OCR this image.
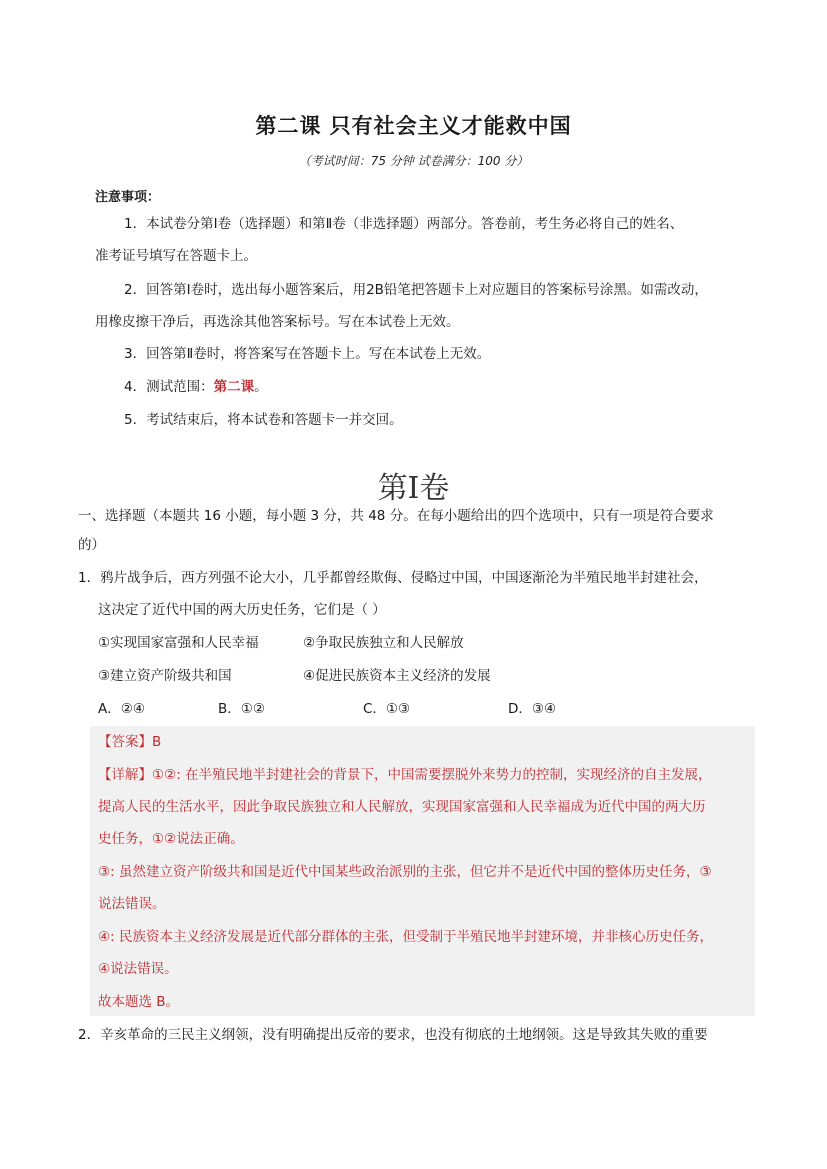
第二课 只有社会主义才能救中国
（考试时间：75 分钟 试卷满分：100 分）
注意事项：
1．本试卷分第Ⅰ卷（选择题）和第Ⅱ卷（非选择题）两部分。答卷前，考生务必将自己的姓名、
准考证号填写在答题卡上。
2．回答第Ⅰ卷时，选出每小题答案后，用2B铅笔把答题卡上对应题目的答案标号涂黑。如需改动，
用橡皮擦干净后，再选涂其他答案标号。写在本试卷上无效。
3．回答第Ⅱ卷时，将答案写在答题卡上。写在本试卷上无效。
4．测试范围：第二课。
5．考试结束后，将本试卷和答题卡一并交回。
第Ⅰ卷
一、选择题（本题共 16 小题，每小题 3 分，共 48 分。在每小题给出的四个选项中，只有一项是符合要求
的）
1．鸦片战争后，西方列强不论大小，几乎都曾经欺侮、侵略过中国，中国逐渐沦为半殖民地半封建社会，
这决定了近代中国的两大历史任务，它们是（ ）
①实现国家富强和人民幸福	②争取民族独立和人民解放
③建立资产阶级共和国	④促进民族资本主义经济的发展
A．②④	B．①②	C．①③	D．③④
【答案】B
【详解】①②: 在半殖民地半封建社会的背景下，中国需要摆脱外来势力的控制，实现经济的自主发展，
提高人民的生活水平，因此争取民族独立和人民解放，实现国家富强和人民幸福成为近代中国的两大历
史任务，①②说法正确。
③: 虽然建立资产阶级共和国是近代中国某些政治派别的主张，但它并不是近代中国的整体历史任务，③
说法错误。
④: 民族资本主义经济发展是近代部分群体的主张，但受制于半殖民地半封建环境，并非核心历史任务，
④说法错误。
故本题选 B。
2．辛亥革命的三民主义纲领，没有明确提出反帝的要求，也没有彻底的土地纲领。这是导致其失败的重要
